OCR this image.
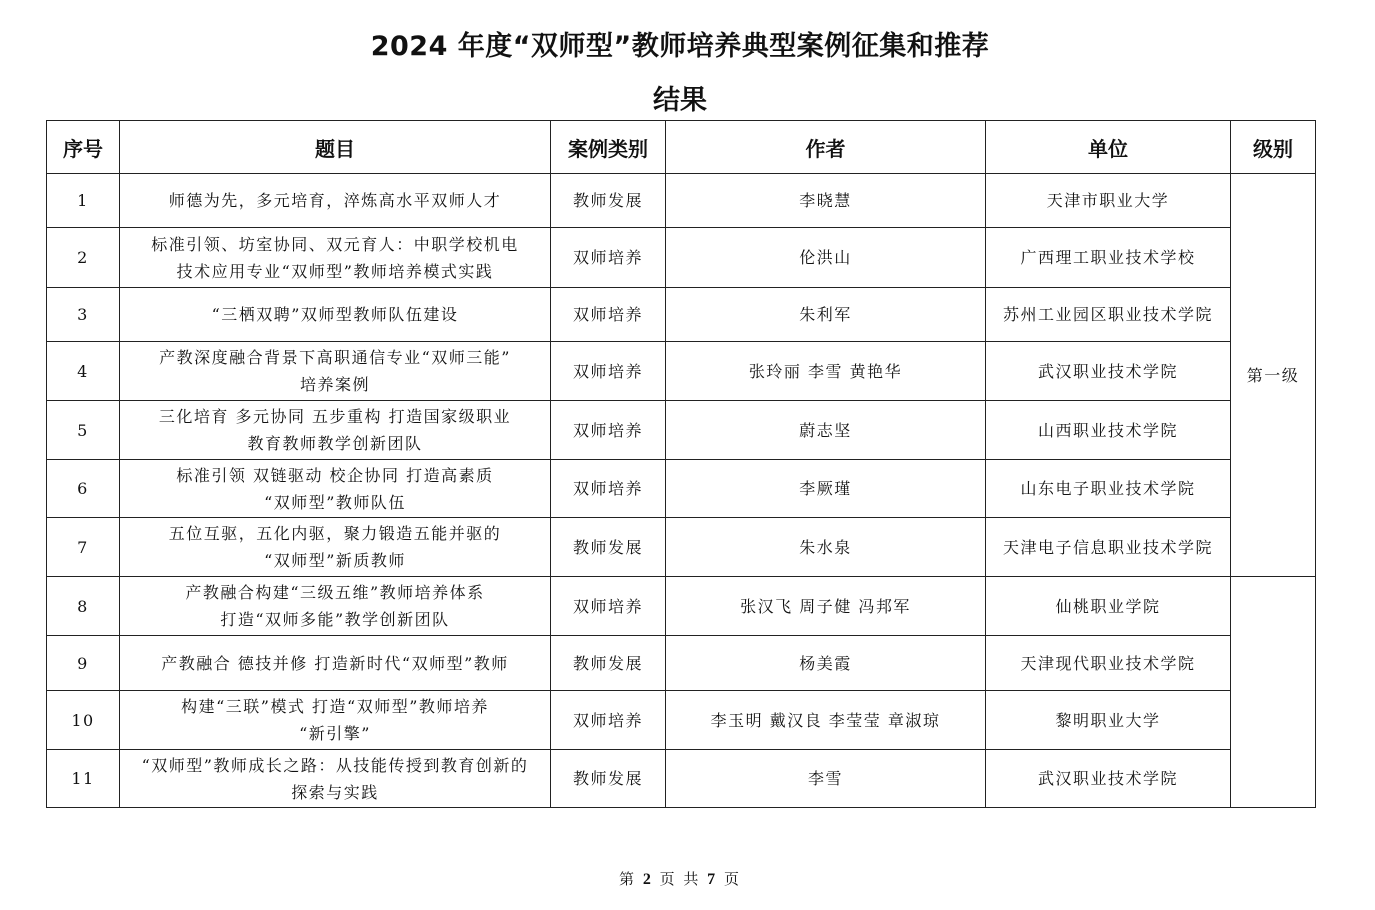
2024 年度“双师型”教师培养典型案例征集和推荐
结果
序号	题目	案例类别	作者	单位	级别
1	师德为先，多元培育，淬炼高水平双师人才	教师发展	李晓慧	天津市职业大学	第一级
2	标准引领、坊室协同、双元育人：中职学校机电
技术应用专业“双师型”教师培养模式实践	双师培养	伦洪山	广西理工职业技术学校	
3	“三栖双聘”双师型教师队伍建设	双师培养	朱利军	苏州工业园区职业技术学院	
4	产教深度融合背景下高职通信专业“双师三能”
培养案例	双师培养	张玲丽 李雪 黄艳华	武汉职业技术学院	
5	三化培育 多元协同 五步重构 打造国家级职业
教育教师教学创新团队	双师培养	蔚志坚	山西职业技术学院	
6	标准引领 双链驱动 校企协同 打造高素质
“双师型”教师队伍	双师培养	李厥瑾	山东电子职业技术学院	
7	五位互驱，五化内驱，聚力锻造五能并驱的
“双师型”新质教师	教师发展	朱水泉	天津电子信息职业技术学院	
8	产教融合构建“三级五维”教师培养体系
打造“双师多能”教学创新团队	双师培养	张汉飞 周子健 冯邦军	仙桃职业学院	
9	产教融合 德技并修 打造新时代“双师型”教师	教师发展	杨美霞	天津现代职业技术学院	
10	构建“三联”模式 打造“双师型”教师培养
“新引擎”	双师培养	李玉明 戴汉良 李莹莹 章淑琼	黎明职业大学	
11	“双师型”教师成长之路：从技能传授到教育创新的
探索与实践	教师发展	李雪	武汉职业技术学院	
第 2 页 共 7 页
